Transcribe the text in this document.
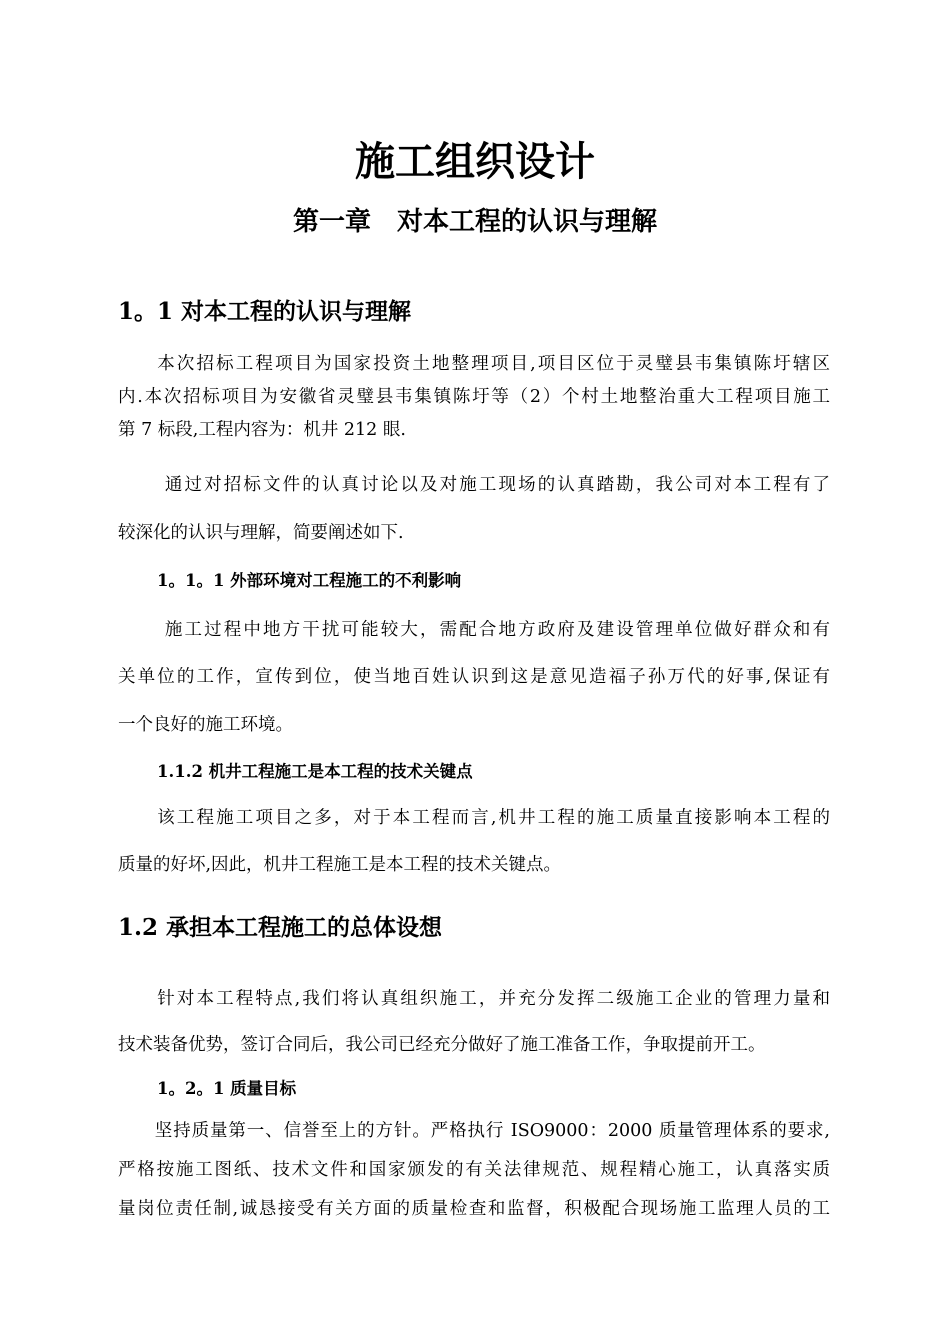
施工组织设计
第一章　对本工程的认识与理解
1。1 对本工程的认识与理解

　　本次招标工程项目为国家投资土地整理项目,项目区位于灵璧县韦集镇陈圩辖区

内.本次招标项目为安徽省灵璧县韦集镇陈圩等（2）个村土地整治重大工程项目施工

第 7 标段,工程内容为：机井 212 眼.

　　 通过对招标文件的认真讨论以及对施工现场的认真踏勘，我公司对本工程有了

较深化的认识与理解，简要阐述如下.

1。1。1 外部环境对工程施工的不利影响

　　 施工过程中地方干扰可能较大，需配合地方政府及建设管理单位做好群众和有

关单位的工作，宣传到位，使当地百姓认识到这是意见造福子孙万代的好事,保证有

一个良好的施工环境。

1.1.2 机井工程施工是本工程的技术关键点

　　该工程施工项目之多，对于本工程而言,机井工程的施工质量直接影响本工程的

质量的好坏,因此，机井工程施工是本工程的技术关键点。

1.2 承担本工程施工的总体设想

　　针对本工程特点,我们将认真组织施工，并充分发挥二级施工企业的管理力量和

技术装备优势，签订合同后，我公司已经充分做好了施工准备工作，争取提前开工。

1。2。1 质量目标

　　坚持质量第一、信誉至上的方针。严格执行 ISO9000：2000 质量管理体系的要求,

严格按施工图纸、技术文件和国家颁发的有关法律规范、规程精心施工，认真落实质

量岗位责任制,诚恳接受有关方面的质量检查和监督，积极配合现场施工监理人员的工
